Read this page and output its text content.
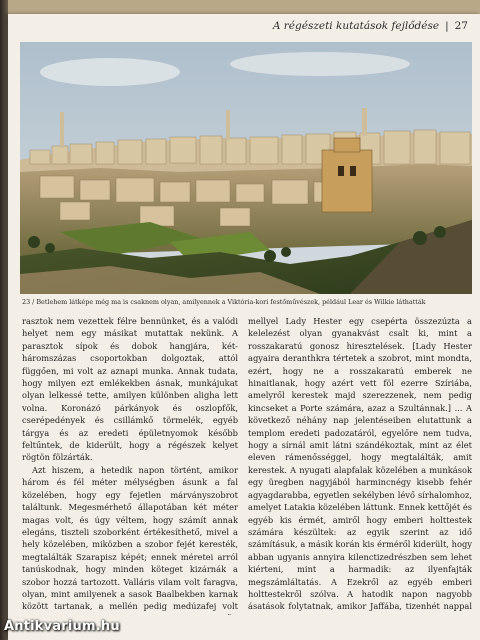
A régészeti kutatások fejlődése | 27
23 / Betlehem látképe még ma is csaknem olyan, amilyennek a Viktória-kori festőművészek, például Lear és Wilkie láthatták

rasztok nem vezettek félre bennünket, és a valódi helyet nem egy másikat mutattak nekünk. A parasztok sípok és dobok hangjára, két-háromszázas csoportokban dolgoztak, attól függően, mi volt az aznapi munka. Annak tudata, hogy milyen ezt emlékekben ásnak, munkájukat olyan lelkessé tette, amilyen különben aligha lett volna. Koronázó párkányok és oszlopfők, cserépedények és csillámkő törmelék, egyéb tárgya és az eredeti épületnyomok később feltűntek, de kiderült, hogy a régészek kelyet rögtön fölzárták.

Azt hiszem, a hetedik napon történt, amikor három és fél méter mélységben ásunk a fal közelében, hogy egy fejetlen márványszobrot találtunk. Megesmérhető állapotában két méter magas volt, és úgy véltem, hogy számít annak elegáns, tiszteli szoborként értékesíthető, mivel a hely közelében, miközben a szobor fejét keresték, megtalálták Szarapisz képét; ennek méretei arról tanúskodnak, hogy minden köteget kizárnák a szobor hozzá tartozott. Valláris vilam volt faragva, olyan, mint amilyenek a sasok Baalbekben karnak között tartanak, a mellén pedig medúzafej volt

mellyel Lady Hester egy csepérta összezúzta a kelelezést olyan gyanakvást csalt ki, mint a rosszakaratú gonosz hiresztelések. [Lady Hester agyaira deranthkra tértetek a szobrot, mint mondta, ezért, hogy ne a rosszakaratú emberek ne hinaitlanak, hogy azért vett föl ezerre Szíriába, amelyről kerestek majd szerezzenek, nem pedig kincseket a Porte számára, azaz a Szultánnak.] ... A következő néhány nap jelentéseiben elutattunk a templom eredeti padozatáról, egyelőre nem tudva, hogy a sírnál amit látni szándékoztak, mint az élet eleven rámenősséggel, hogy megtalálták, amit kerestek. A nyugati alapfalak közelében a munkások egy üregben nagyjából harmincnégy kisebb fehér agyagdarabba, egyetlen sekélyben lévő sírhalomhoz, amelyet Latakia közelében láttunk. Ennek kettőjét és egyéb kis érmét, amiről hogy emberi holttestek számára készültek: az egyik szerint az idő számításuk, a másik korán kis érméről kiderült, hogy abban ugyanis annyira kilenctizedrészben sem lehet kiérteni, mint a harmadik: az ilyenfajták megszámláltatás. A Ezekről az egyéb emberi holttestekről szólva. A hatodik napon nagyobb ásatások folytatnak, amikor Jaffába, tizenhét nappal

Antikvarium.hu
